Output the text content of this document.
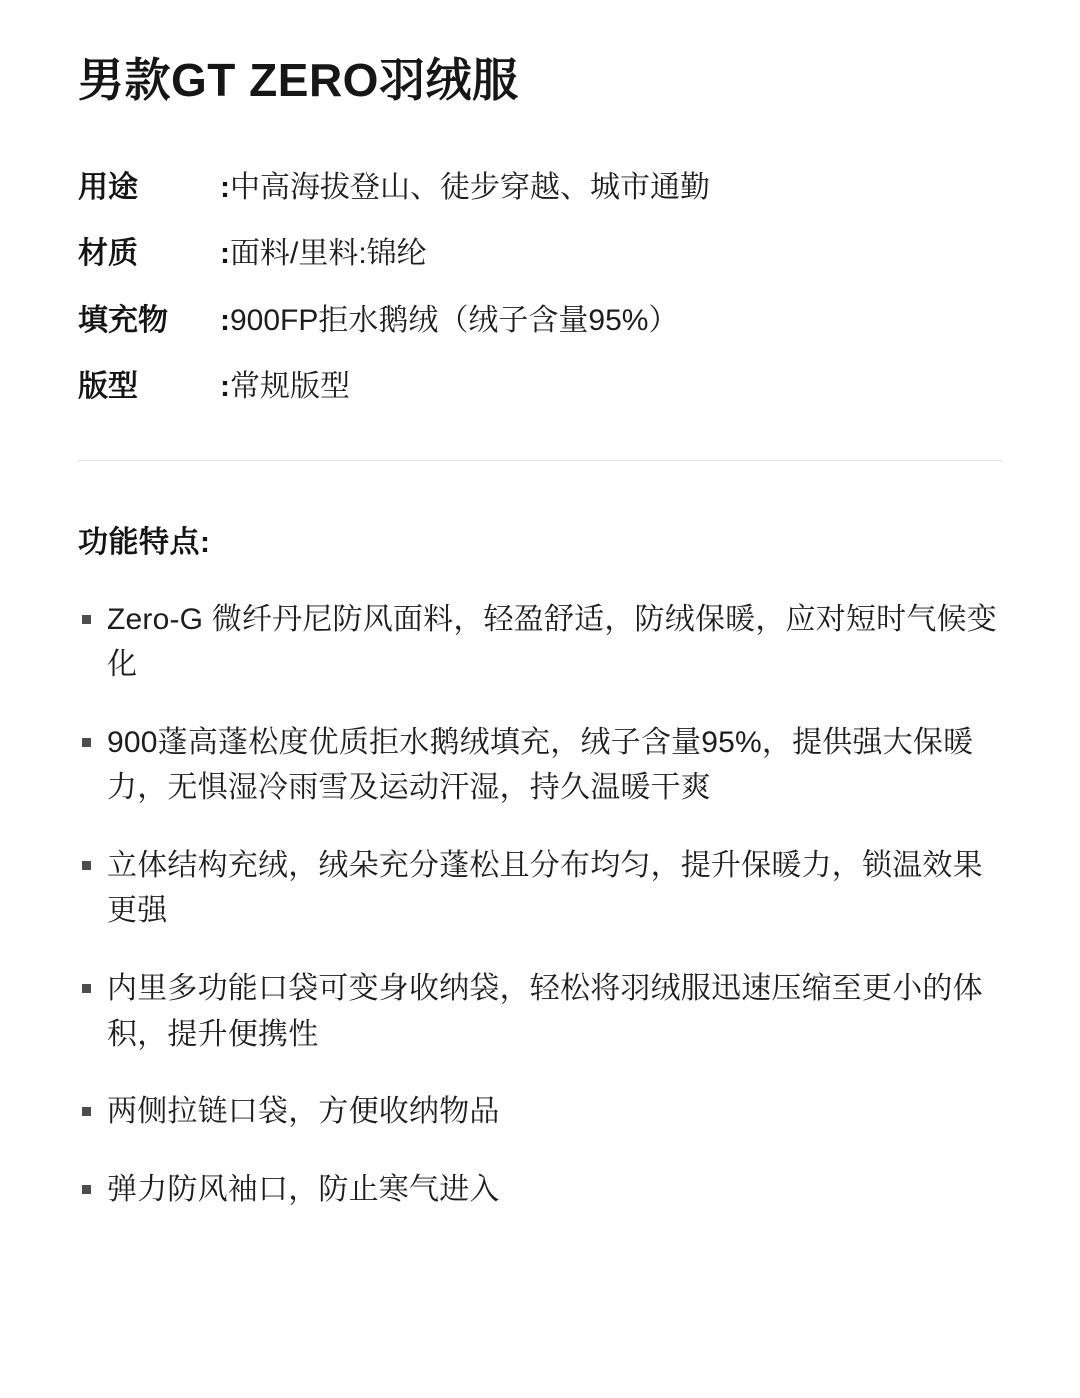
男款GT ZERO羽绒服
用途	: 中高海拔登山、徒步穿越、城市通勤
材质	: 面料/里料:锦纶
填充物	: 900FP拒水鹅绒（绒子含量95%）
版型	: 常规版型
功能特点:
Zero-G 微纤丹尼防风面料，轻盈舒适，防绒保暖，应对短时气候变化
900蓬高蓬松度优质拒水鹅绒填充，绒子含量95%，提供强大保暖力，无惧湿冷雨雪及运动汗湿，持久温暖干爽
立体结构充绒，绒朵充分蓬松且分布均匀，提升保暖力，锁温效果更强
内里多功能口袋可变身收纳袋，轻松将羽绒服迅速压缩至更小的体积，提升便携性
两侧拉链口袋，方便收纳物品
弹力防风袖口，防止寒气进入
